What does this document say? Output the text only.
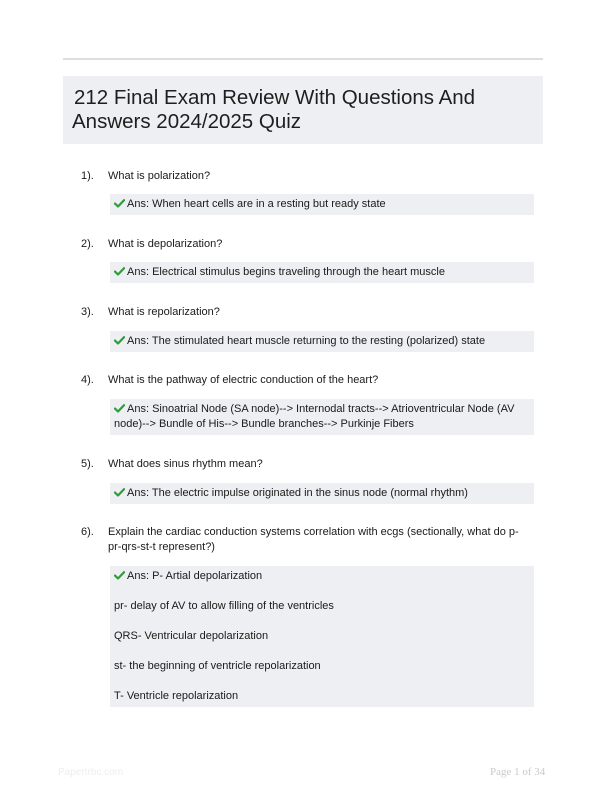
212 Final Exam Review With Questions And
Answers 2024/2025 Quiz
1). What is polarization?

Ans: When heart cells are in a resting but ready state

2). What is depolarization?

Ans: Electrical stimulus begins traveling through the heart muscle

3). What is repolarization?

Ans: The stimulated heart muscle returning to the resting (polarized) state

4). What is the pathway of electric conduction of the heart?

Ans: Sinoatrial Node (SA node)--> Internodal tracts--> Atrioventricular Node (AV node)--> Bundle of His--> Bundle branches--> Purkinje Fibers

5). What does sinus rhythm mean?

Ans: The electric impulse originated in the sinus node (normal rhythm)

6). Explain the cardiac conduction systems correlation with ecgs (sectionally, what do p-pr-qrs-st-t represent?)

Ans: P- Artial depolarization

pr- delay of AV to allow filling of the ventricles

QRS- Ventricular depolarization

st- the beginning of ventricle repolarization

T- Ventricle repolarization

Papertrbc.com	Page 1 of 34
